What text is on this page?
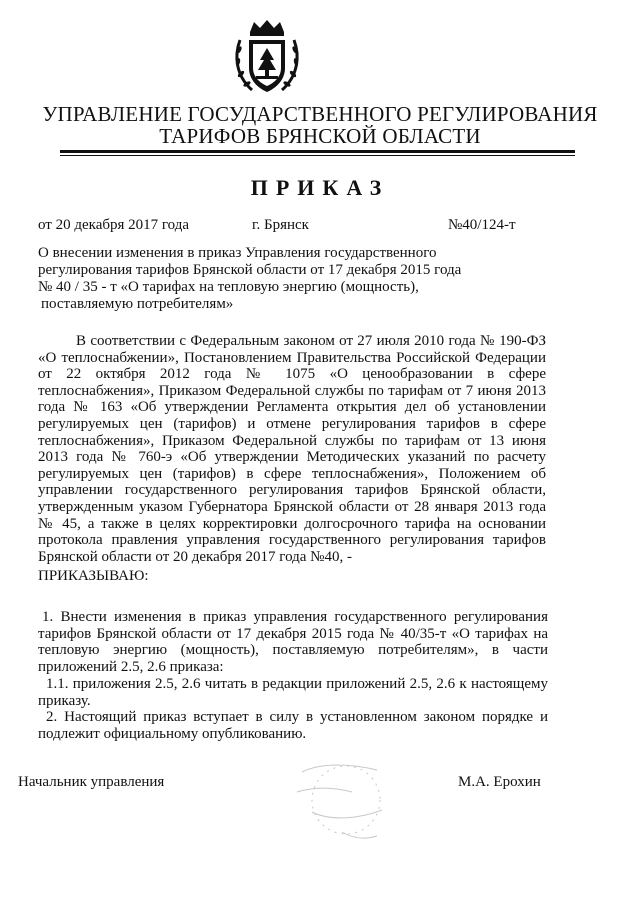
УПРАВЛЕНИЕ ГОСУДАРСТВЕННОГО РЕГУЛИРОВАНИЯ
ТАРИФОВ БРЯНСКОЙ ОБЛАСТИ
ПРИКАЗ
от 20 декабря 2017 года	г. Брянск	№40/124-т
О внесении изменения в приказ Управления государственного
регулирования тарифов Брянской области от 17 декабря 2015 года
№ 40 / 35 - т «О тарифах на тепловую энергию (мощность),
поставляемую потребителям»
В соответствии с Федеральным законом от 27 июля 2010 года № 190-ФЗ «О теплоснабжении», Постановлением Правительства Российской Федерации от 22 октября 2012 года № 1075 «О ценообразовании в сфере теплоснабжения», Приказом Федеральной службы по тарифам от 7 июня 2013 года № 163 «Об утверждении Регламента открытия дел об установлении регулируемых цен (тарифов) и отмене регулирования тарифов в сфере теплоснабжения», Приказом Федеральной службы по тарифам от 13 июня 2013 года № 760-э «Об утверждении Методических указаний по расчету регулируемых цен (тарифов) в сфере теплоснабжения», Положением об управлении государственного регулирования тарифов Брянской области, утвержденным указом Губернатора Брянской области от 28 января 2013 года № 45, а также в целях корректировки долгосрочного тарифа на основании протокола правления управления государственного регулирования тарифов Брянской области от 20 декабря 2017 года №40, -
ПРИКАЗЫВАЮ:
1. Внести изменения в приказ управления государственного регулирования тарифов Брянской области от 17 декабря 2015 года № 40/35-т «О тарифах на тепловую энергию (мощность), поставляемую потребителям», в части приложений 2.5, 2.6 приказа:
1.1. приложения 2.5, 2.6 читать в редакции приложений 2.5, 2.6 к настоящему приказу.
2. Настоящий приказ вступает в силу в установленном законом порядке и подлежит официальному опубликованию.
Начальник управления	М.А. Ерохин
